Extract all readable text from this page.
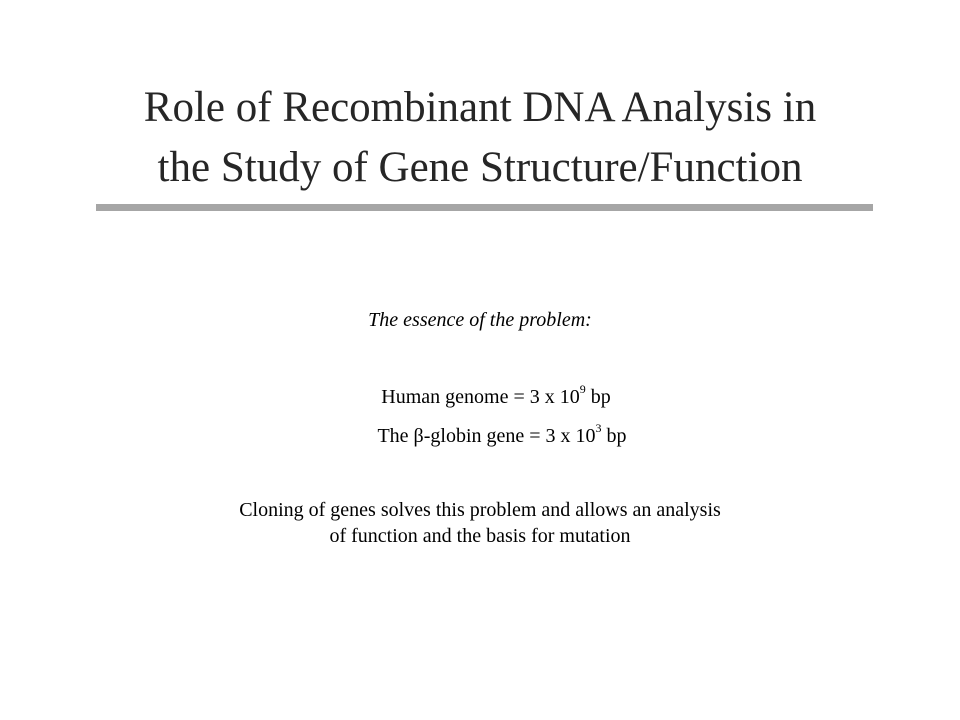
Role of Recombinant DNA Analysis in
the Study of Gene Structure/Function
The essence of the problem:
Human genome = 3 x $10^9$ bp
The β-globin gene = 3 x $10^3$ bp
Cloning of genes solves this problem and allows an analysis
of function and the basis for mutation
